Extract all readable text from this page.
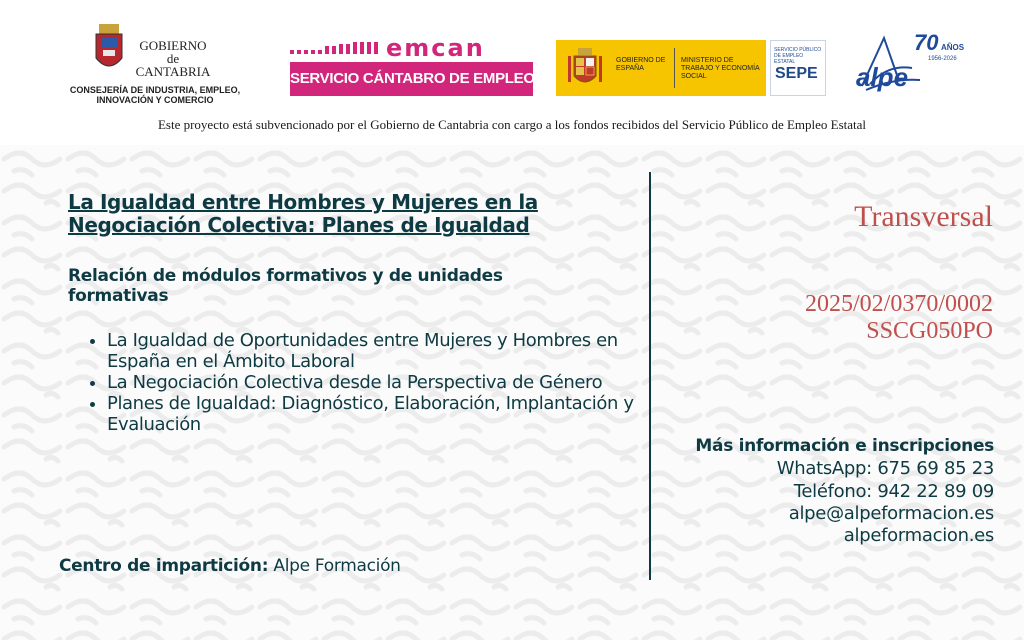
GOBIERNO
de
CANTABRIA
CONSEJERÍA DE INDUSTRIA, EMPLEO, INNOVACIÓN Y COMERCIO
emcan
SERVICIO CÁNTABRO DE EMPLEO
GOBIERNO DE ESPAÑA
MINISTERIO DE TRABAJO Y ECONOMÍA SOCIAL
SERVICIO PÚBLICO DE EMPLEO ESTATAL
SEPE
70 AÑOS
1956-2026
alpe
Este proyecto está subvencionado por el Gobierno de Cantabria con cargo a los fondos recibidos del Servicio Público de Empleo Estatal
La Igualdad entre Hombres y Mujeres en la Negociación Colectiva: Planes de Igualdad
Relación de módulos formativos y de unidades formativas
• La Igualdad de Oportunidades entre Mujeres y Hombres en España en el Ámbito Laboral
• La Negociación Colectiva desde la Perspectiva de Género
• Planes de Igualdad: Diagnóstico, Elaboración, Implantación y Evaluación
Centro de impartición: Alpe Formación
Transversal
2025/02/0370/0002
SSCG050PO
Más información e inscripciones
WhatsApp: 675 69 85 23
Teléfono: 942 22 89 09
alpe@alpeformacion.es
alpeformacion.es
